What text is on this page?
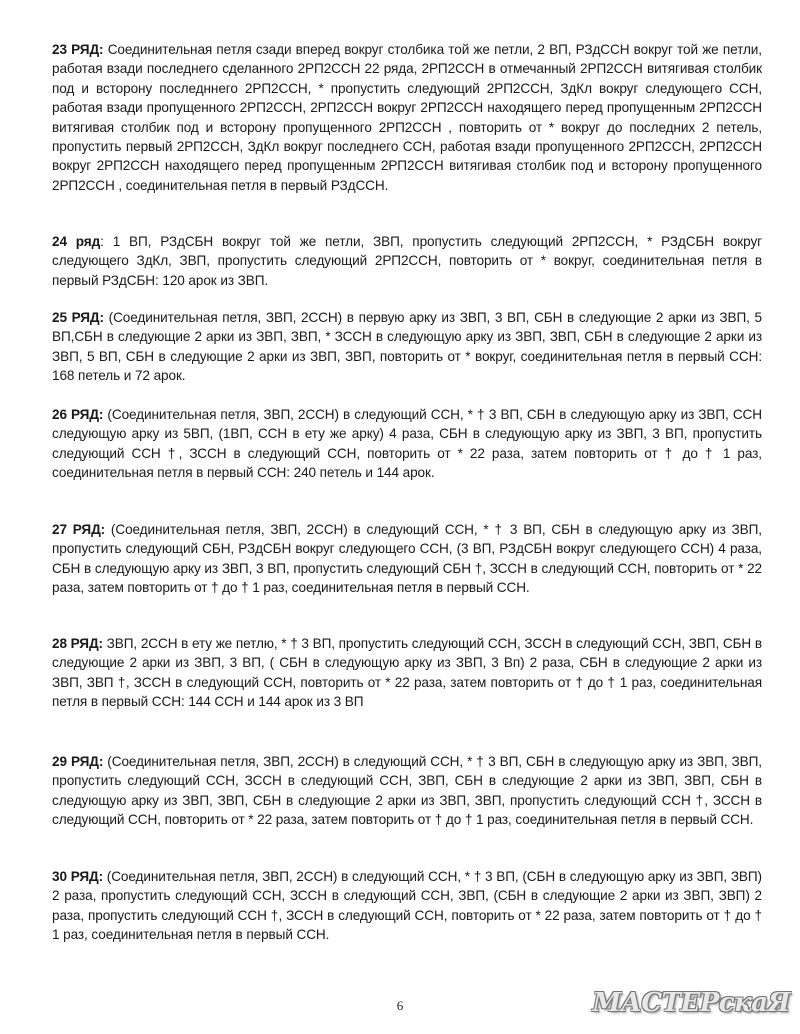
23 РЯД: Соединительная петля сзади вперед вокруг столбика той же петли, 2 ВП, РЗдССН вокруг той же петли, работая взади последнего сделанного 2РП2ССН 22 ряда, 2РП2ССН в отмечанный 2РП2ССН витягивая столбик под и всторону последннего 2РП2ССН, * пропустить следующий 2РП2ССН, ЗдКл вокруг следующего ССН, работая взади пропущенного 2РП2ССН, 2РП2ССН вокруг 2РП2ССН находящего перед пропущенным 2РП2ССН витягивая столбик под и всторону пропущенного 2РП2ССН , повторить от * вокруг до последних 2 петель, пропустить первый 2РП2ССН, ЗдКл вокруг последнего ССН, работая взади пропущенного 2РП2ССН, 2РП2ССН вокруг 2РП2ССН находящего перед пропущенным 2РП2ССН витягивая столбик под и всторону пропущенного 2РП2ССН , соединительная петля в первый РЗдССН.

24 ряд: 1 ВП, РЗдСБН вокруг той же петли, ЗВП, пропустить следующий 2РП2ССН, * РЗдСБН вокруг следующего ЗдКл, ЗВП, пропустить следующий 2РП2ССН, повторить от * вокруг, соединительная петля в первый РЗдСБН: 120 арок из ЗВП.

25 РЯД: (Соединительная петля, ЗВП, 2ССН) в первую арку из ЗВП, 3 ВП, СБН в следующие 2 арки из ЗВП, 5 ВП,СБН в следующие 2 арки из ЗВП, ЗВП, * ЗССН в следующую арку из ЗВП, ЗВП, СБН в следующие 2 арки из ЗВП, 5 ВП, СБН в следующие 2 арки из ЗВП, ЗВП, повторить от * вокруг, соединительная петля в первый ССН: 168 петель и 72 арок.

26 РЯД: (Соединительная петля, ЗВП, 2ССН) в следующий ССН, * † 3 ВП, СБН в следующую арку из ЗВП, ССН следующую арку из 5ВП, (1ВП, ССН в ету же арку) 4 раза, СБН в следующую арку из ЗВП, 3 ВП, пропустить следующий ССН †, ЗССН в следующий ССН, повторить от * 22 раза, затем повторить от † до † 1 раз, соединительная петля в первый ССН: 240 петель и 144 арок.

27 РЯД: (Соединительная петля, ЗВП, 2ССН) в следующий ССН, * † 3 ВП, СБН в следующую арку из ЗВП, пропустить следующий СБН, РЗдСБН вокруг следующего ССН, (3 ВП, РЗдСБН вокруг следующего ССН) 4 раза, СБН в следующую арку из ЗВП, 3 ВП, пропустить следующий СБН †, ЗССН в следующий ССН, повторить от * 22 раза, затем повторить от † до † 1 раз, соединительная петля в первый ССН.

28 РЯД: ЗВП, 2ССН в ету же петлю, * † 3 ВП, пропустить следующий ССН, ЗССН в следующий ССН, ЗВП, СБН в следующие 2 арки из ЗВП, 3 ВП, ( СБН в следующую арку из ЗВП, 3 Вп) 2 раза, СБН в следующие 2 арки из ЗВП, ЗВП †, ЗССН в следующий ССН, повторить от * 22 раза, затем повторить от † до † 1 раз, соединительная петля в первый ССН: 144 ССН и 144 арок из 3 ВП

29 РЯД: (Соединительная петля, ЗВП, 2ССН) в следующий ССН, * † 3 ВП, СБН в следующую арку из ЗВП, ЗВП, пропустить следующий ССН, ЗССН в следующий ССН, ЗВП, СБН в следующие 2 арки из ЗВП, ЗВП, СБН в следующую арку из ЗВП, ЗВП, СБН в следующие 2 арки из ЗВП, ЗВП, пропустить следующий ССН †, ЗССН в следующий ССН, повторить от * 22 раза, затем повторить от † до † 1 раз, соединительная петля в первый ССН.

30 РЯД: (Соединительная петля, ЗВП, 2ССН) в следующий ССН, * † 3 ВП, (СБН в следующую арку из ЗВП, ЗВП) 2 раза, пропустить следующий ССН, ЗССН в следующий ССН, ЗВП, (СБН в следующие 2 арки из ЗВП, ЗВП) 2 раза, пропустить следующий ССН †, ЗССН в следующий ССН, повторить от * 22 раза, затем повторить от † до † 1 раз, соединительная петля в первый ССН.

6	МАСТЕРскаЯ
